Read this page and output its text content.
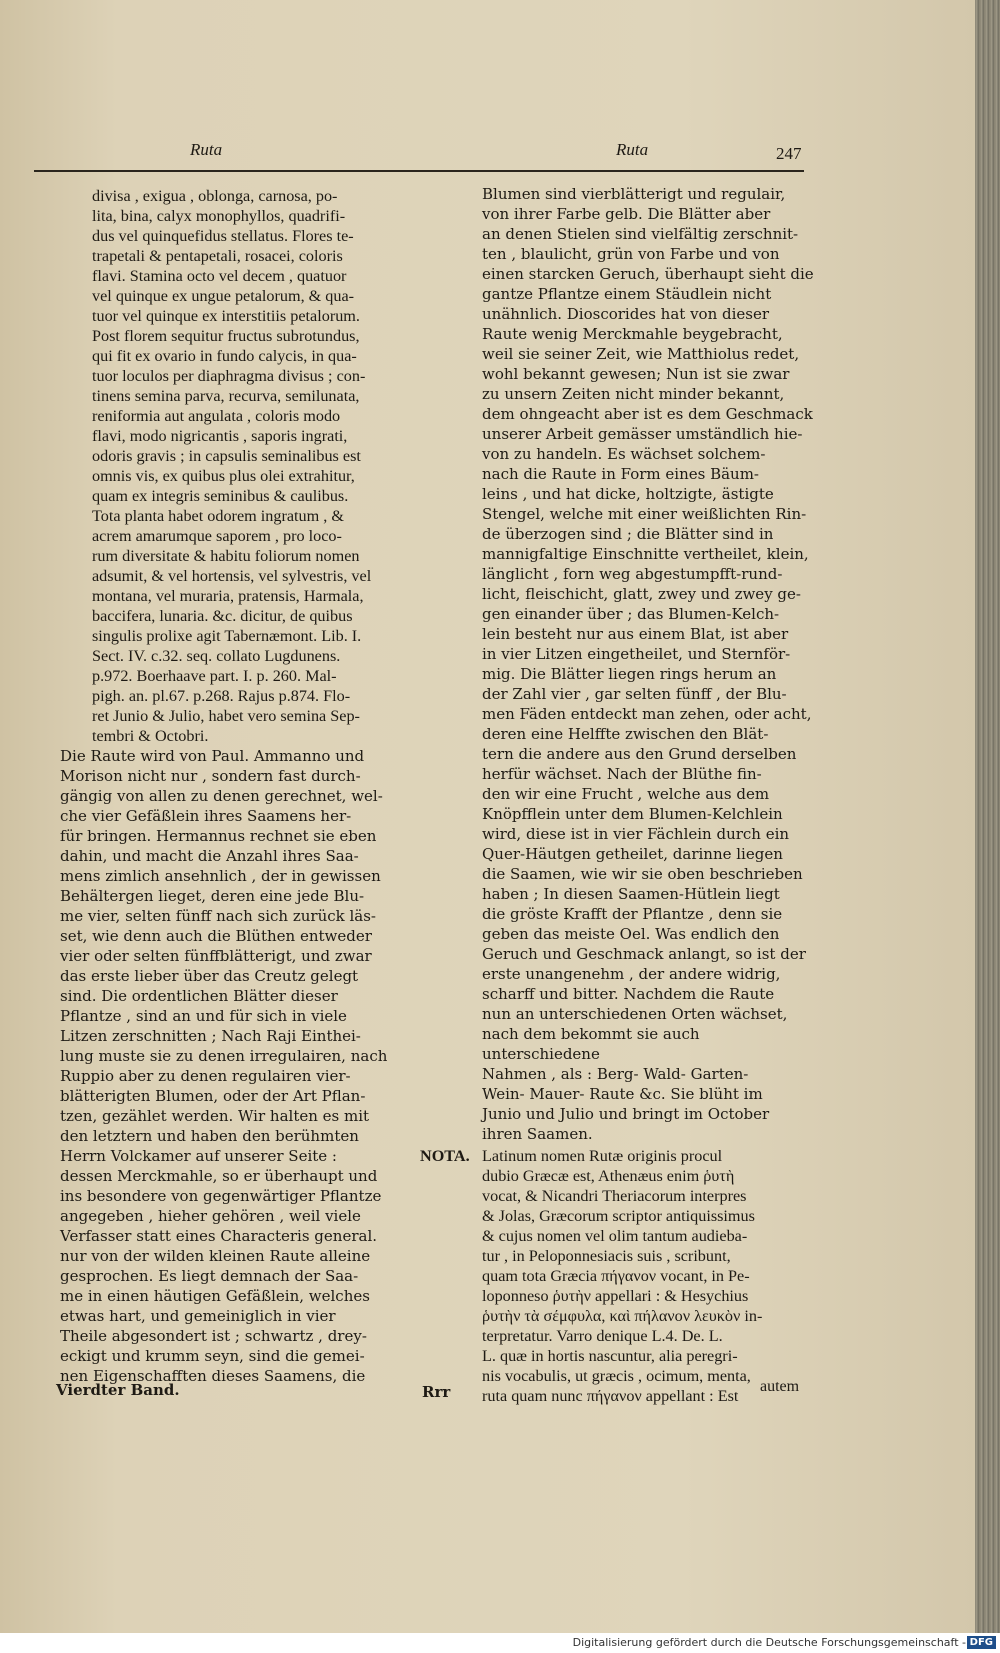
Ruta	Ruta	247
divisa , exigua , oblonga, carnosa, po-
lita, bina, calyx monophyllos, quadrifi-
dus vel quinquefidus stellatus. Flores te-
trapetali & pentapetali, rosacei, coloris
flavi. Stamina octo vel decem , quatuor
vel quinque ex ungue petalorum, & qua-
tuor vel quinque ex interstitiis petalorum.
Post florem sequitur fructus subrotundus,
qui fit ex ovario in fundo calycis, in qua-
tuor loculos per diaphragma divisus ; con-
tinens semina parva, recurva, semilunata,
reniformia aut angulata , coloris modo
flavi, modo nigricantis , saporis ingrati,
odoris gravis ; in capsulis seminalibus est
omnis vis, ex quibus plus olei extrahitur,
quam ex integris seminibus & caulibus.
Tota planta habet odorem ingratum , &
acrem amarumque saporem , pro loco-
rum diversitate & habitu foliorum nomen
adsumit, & vel hortensis, vel sylvestris, vel
montana, vel muraria, pratensis, Harmala,
baccifera, lunaria. &c. dicitur, de quibus
singulis prolixe agit Tabernæmont. Lib. I.
Sect. IV. c.32. seq. collato Lugdunens.
p.972. Boerhaave part. I. p. 260. Mal-
pigh. an. pl.67. p.268. Rajus p.874. Flo-
ret Junio & Julio, habet vero semina Sep-
tembri & Octobri.
Die Raute wird von Paul. Ammanno und
Morison nicht nur , sondern fast durch-
gängig von allen zu denen gerechnet, wel-
che vier Gefäßlein ihres Saamens her-
für bringen. Hermannus rechnet sie eben
dahin, und macht die Anzahl ihres Saa-
mens zimlich ansehnlich , der in gewissen
Behältergen lieget, deren eine jede Blu-
me vier, selten fünff nach sich zurück läs-
set, wie denn auch die Blüthen entweder
vier oder selten fünffblätterigt, und zwar
das erste lieber über das Creutz gelegt
sind. Die ordentlichen Blätter dieser
Pflantze , sind an und für sich in viele
Litzen zerschnitten ; Nach Raji Einthei-
lung muste sie zu denen irregulairen, nach
Ruppio aber zu denen regulairen vier-
blätterigten Blumen, oder der Art Pflan-
tzen, gezählet werden. Wir halten es mit
den letztern und haben den berühmten
Herrn Volckamer auf unserer Seite :
dessen Merckmahle, so er überhaupt und
ins besondere von gegenwärtiger Pflantze
angegeben , hieher gehören , weil viele
Verfasser statt eines Characteris general.
nur von der wilden kleinen Raute alleine
gesprochen. Es liegt demnach der Saa-
me in einen häutigen Gefäßlein, welches
etwas hart, und gemeiniglich in vier
Theile abgesondert ist ; schwartz , drey-
eckigt und krumm seyn, sind die gemei-
nen Eigenschafften dieses Saamens, die
Blumen sind vierblätterigt und regulair,
von ihrer Farbe gelb. Die Blätter aber
an denen Stielen sind vielfältig zerschnit-
ten , blaulicht, grün von Farbe und von
einen starcken Geruch, überhaupt sieht die
gantze Pflantze einem Stäudlein nicht
unähnlich. Dioscorides hat von dieser
Raute wenig Merckmahle beygebracht,
weil sie seiner Zeit, wie Matthiolus redet,
wohl bekannt gewesen; Nun ist sie zwar
zu unsern Zeiten nicht minder bekannt,
dem ohngeacht aber ist es dem Geschmack
unserer Arbeit gemässer umständlich hie-
von zu handeln. Es wächset solchem-
nach die Raute in Form eines Bäum-
leins , und hat dicke, holtzigte, ästigte
Stengel, welche mit einer weißlichten Rin-
de überzogen sind ; die Blätter sind in
mannigfaltige Einschnitte vertheilet, klein,
länglicht , forn weg abgestumpfft-rund-
licht, fleischicht, glatt, zwey und zwey ge-
gen einander über ; das Blumen-Kelch-
lein besteht nur aus einem Blat, ist aber
in vier Litzen eingetheilet, und Sternför-
mig. Die Blätter liegen rings herum an
der Zahl vier , gar selten fünff , der Blu-
men Fäden entdeckt man zehen, oder acht,
deren eine Helffte zwischen den Blät-
tern die andere aus den Grund derselben
herfür wächset. Nach der Blüthe fin-
den wir eine Frucht , welche aus dem
Knöpfflein unter dem Blumen-Kelchlein
wird, diese ist in vier Fächlein durch ein
Quer-Häutgen getheilet, darinne liegen
die Saamen, wie wir sie oben beschrieben
haben ; In diesen Saamen-Hütlein liegt
die gröste Krafft der Pflantze , denn sie
geben das meiste Oel. Was endlich den
Geruch und Geschmack anlangt, so ist der
erste unangenehm , der andere widrig,
scharff und bitter. Nachdem die Raute
nun an unterschiedenen Orten wächset,
nach dem bekommt sie auch unterschiedene
Nahmen , als : Berg- Wald- Garten-
Wein- Mauer- Raute &c. Sie blüht im
Junio und Julio und bringt im October
ihren Saamen.
NOTA. Latinum nomen Rutæ originis procul
dubio Græcæ est, Athenæus enim ῥυτὴ
vocat, & Nicandri Theriacorum interpres
& Jolas, Græcorum scriptor antiquissimus
& cujus nomen vel olim tantum audieba-
tur , in Peloponnesiacis suis , scribunt,
quam tota Græcia πήγανον vocant, in Pe-
loponneso ῥυτὴν appellari : & Hesychius
ῥυτὴν τὰ σέμφυλα, καὶ πήλανον λευκὸν in-
terpretatur. Varro denique L.4. De. L.
L. quæ in hortis nascuntur, alia peregri-
nis vocabulis, ut græcis , ocimum, menta,
ruta quam nunc πήγανον appellant : Est
Vierdter Band.	Rrr	autem
Digitalisierung gefördert durch die Deutsche Forschungsgemeinschaft - DFG
